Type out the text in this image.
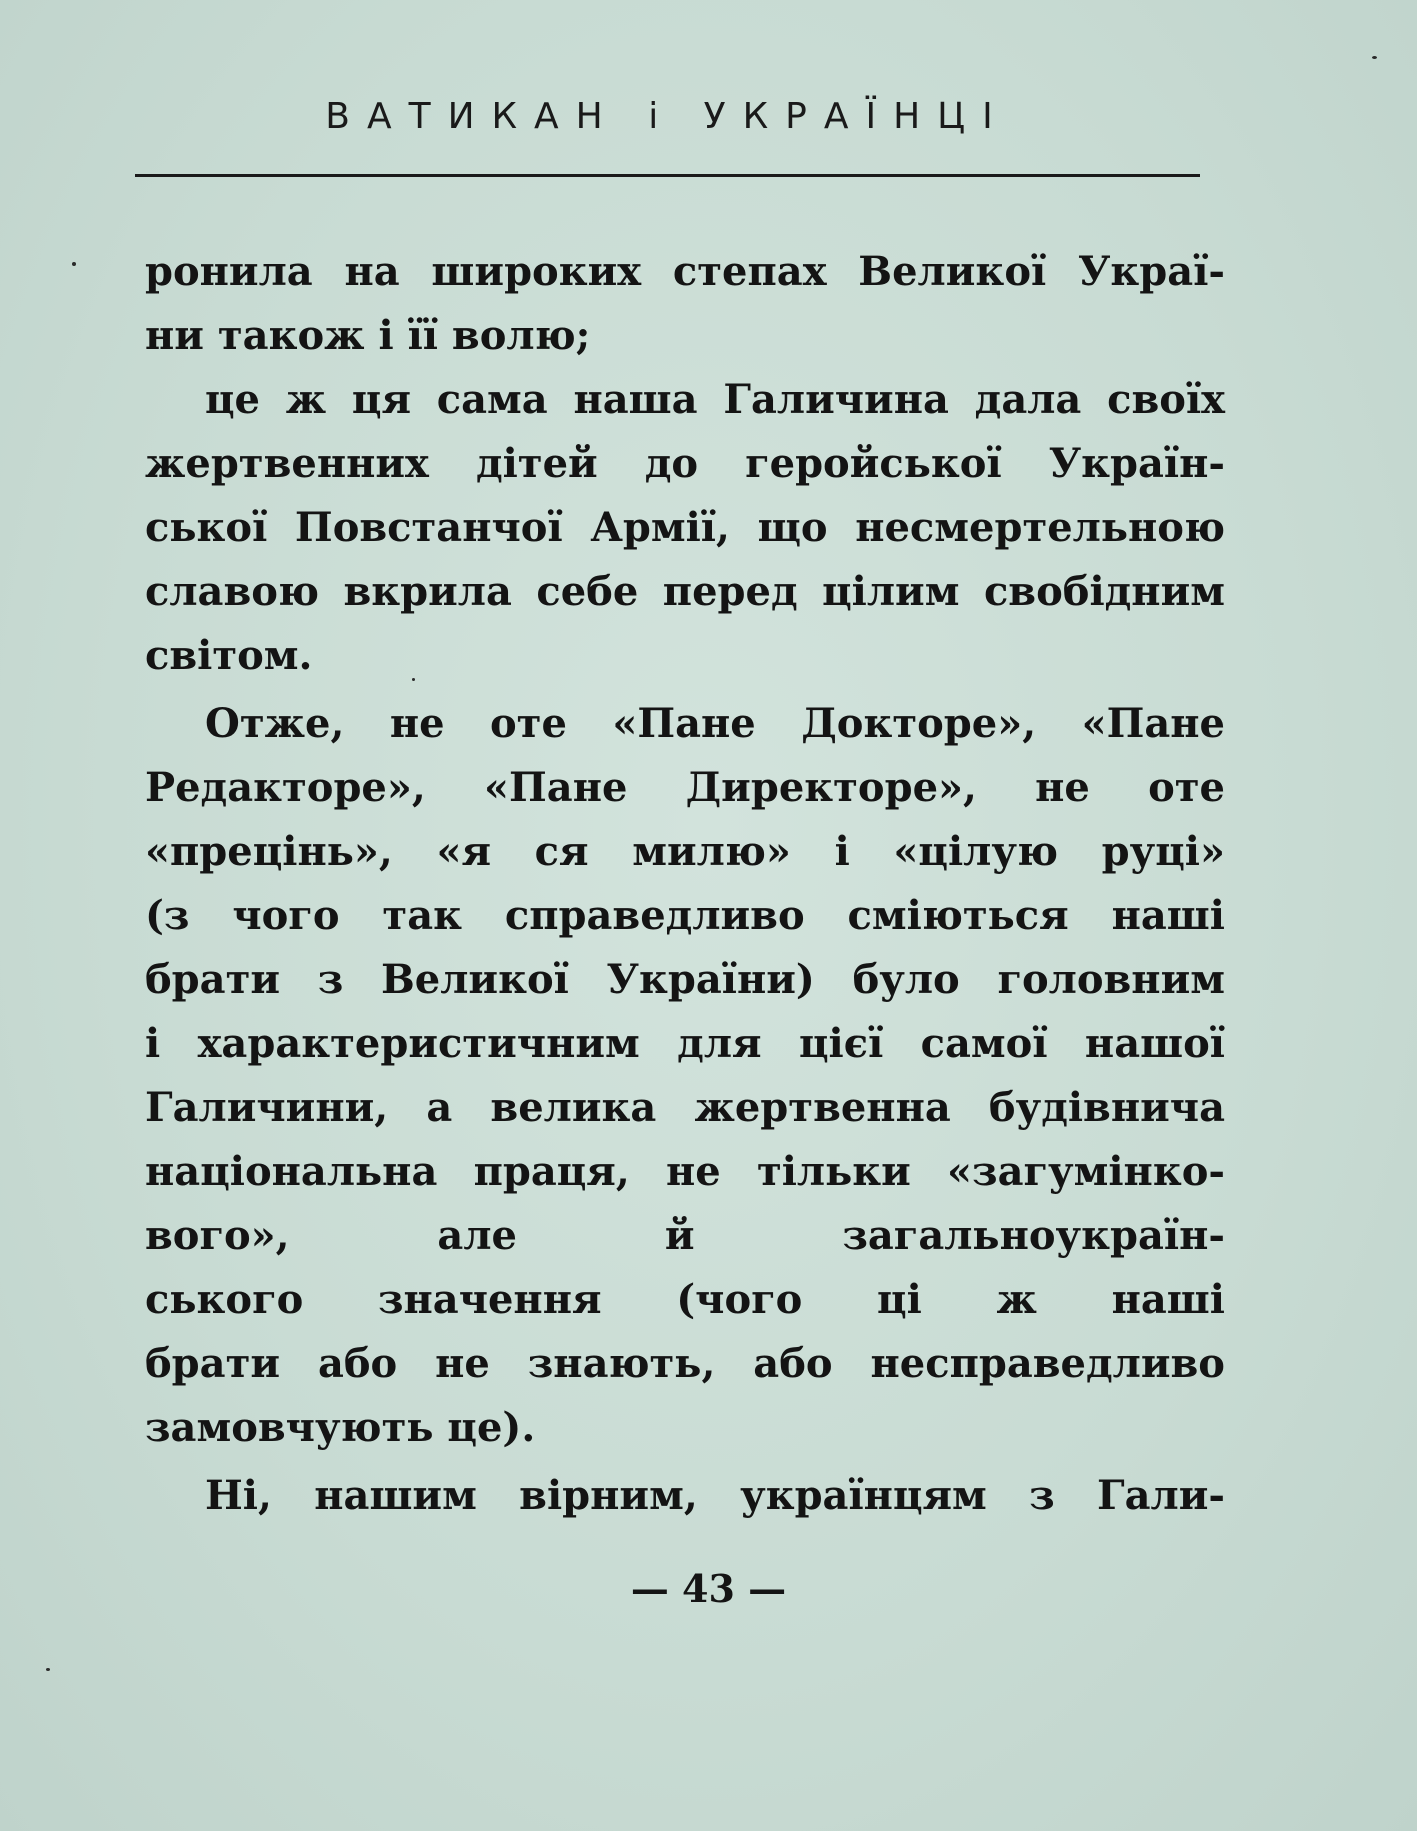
ВАТИКАН і УКРАЇНЦІ
ронила на широких степах Великої Украї-
ни також і її волю;
це ж ця сама наша Галичина дала своїх
жертвенних дітей до геройської Україн-
ської Повстанчої Армії, що несмертельною
славою вкрила себе перед цілим свобідним
світом.
Отже, не оте «Пане Докторе», «Пане
Редакторе», «Пане Директоре», не оте
«прецінь», «я ся милю» і «цілую руці»
(з чого так справедливо сміються наші
брати з Великої України) було головним
і характеристичним для цієї самої нашої
Галичини, а велика жертвенна будівнича
національна праця, не тільки «загумінко-
вого», але й загальноукраїн-
ського значення (чого ці ж наші
брати або не знають, або несправедливо
замовчують це).
Ні, нашим вірним, українцям з Гали-
— 43 —
